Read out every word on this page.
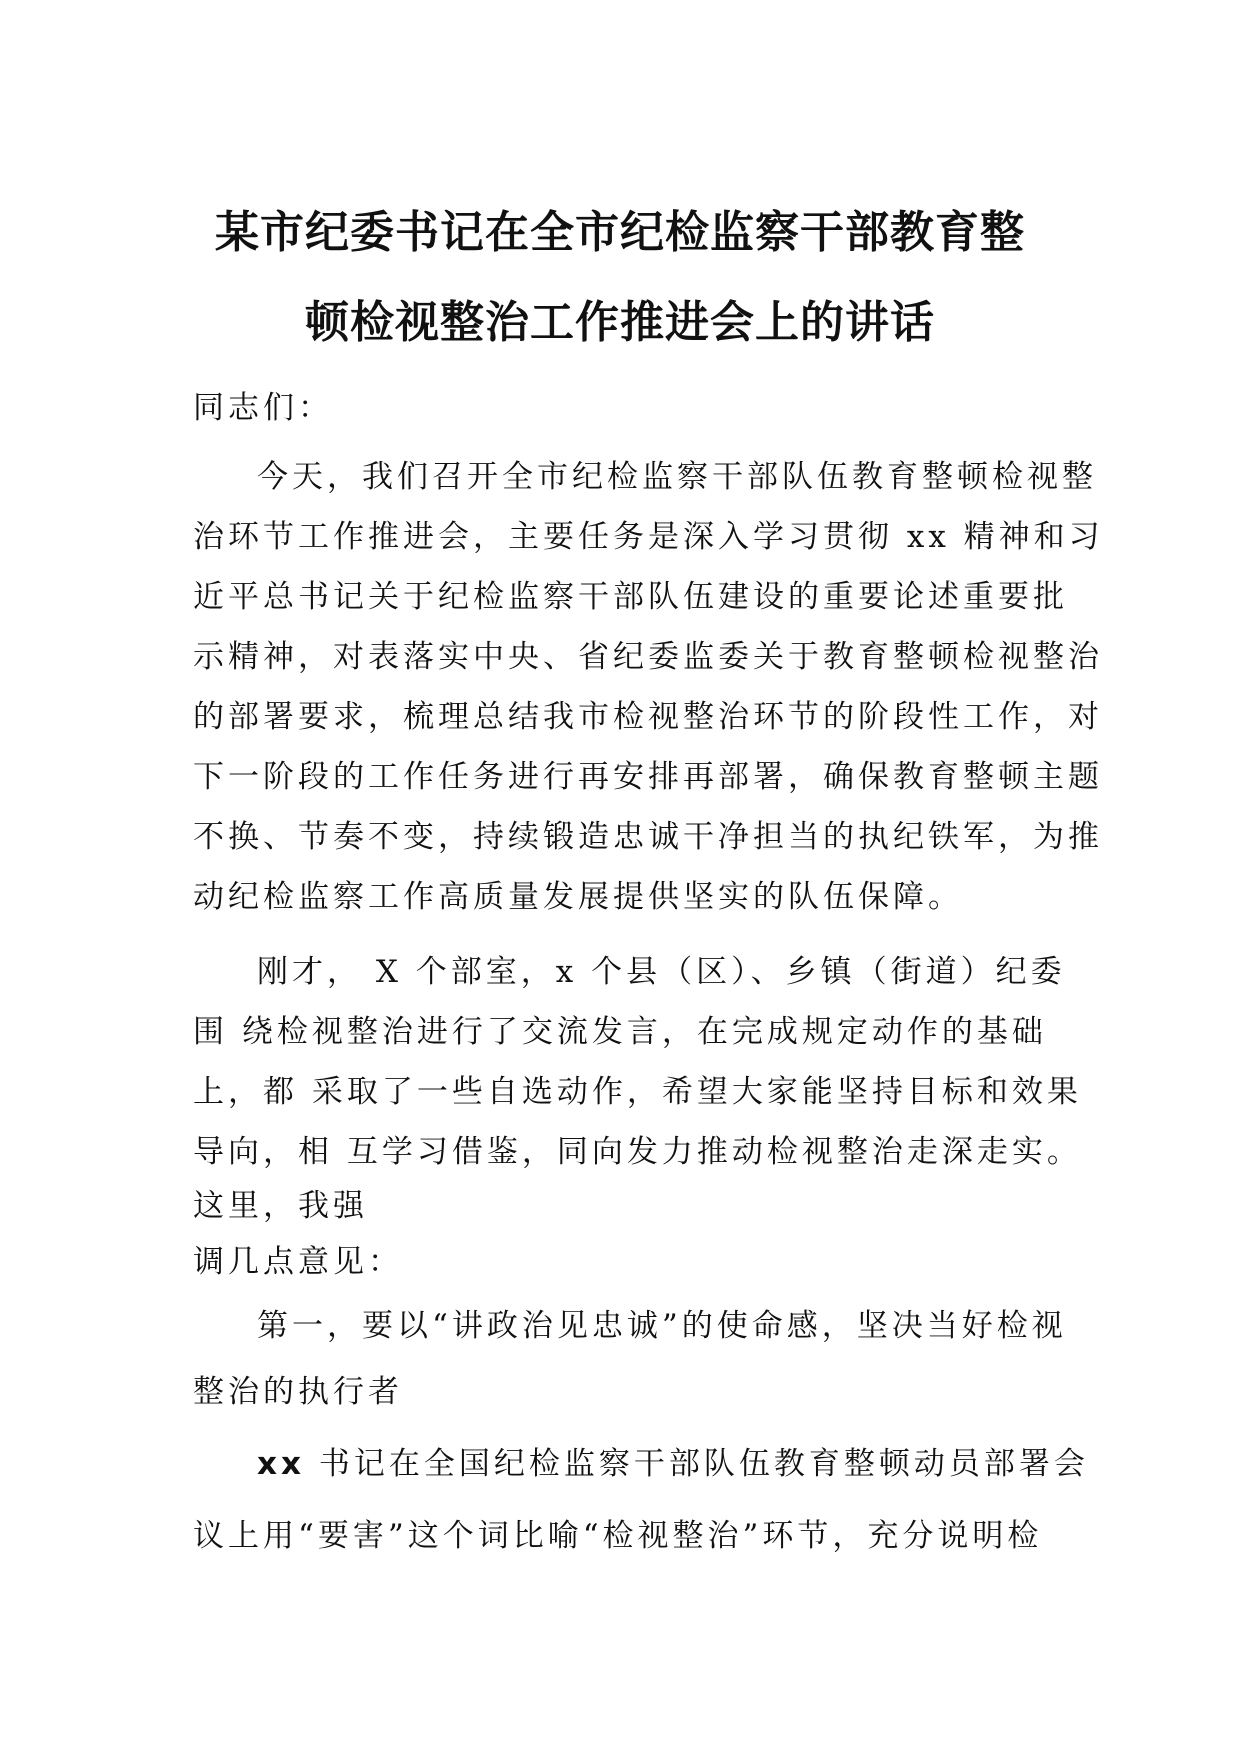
某市纪委书记在全市纪检监察干部教育整
顿检视整治工作推进会上的讲话

同志们：

今天，我们召开全市纪检监察干部队伍教育整顿检视整

治环节工作推进会，主要任务是深入学习贯彻 xx 精神和习

近平总书记关于纪检监察干部队伍建设的重要论述重要批

示精神，对表落实中央、省纪委监委关于教育整顿检视整治

的部署要求，梳理总结我市检视整治环节的阶段性工作，对

下一阶段的工作任务进行再安排再部署，确保教育整顿主题

不换、节奏不变，持续锻造忠诚干净担当的执纪铁军，为推

动纪检监察工作高质量发展提供坚实的队伍保障。

刚才， X 个部室，x 个县（区）、乡镇（街道）纪委

围 绕检视整治进行了交流发言，在完成规定动作的基础

上，都 采取了一些自选动作，希望大家能坚持目标和效果

导向，相 互学习借鉴，同向发力推动检视整治走深走实。

这里，我强

调几点意见：

第一，要以“讲政治见忠诚”的使命感，坚决当好检视

整治的执行者

xx 书记在全国纪检监察干部队伍教育整顿动员部署会

议上用“要害”这个词比喻“检视整治”环节，充分说明检
